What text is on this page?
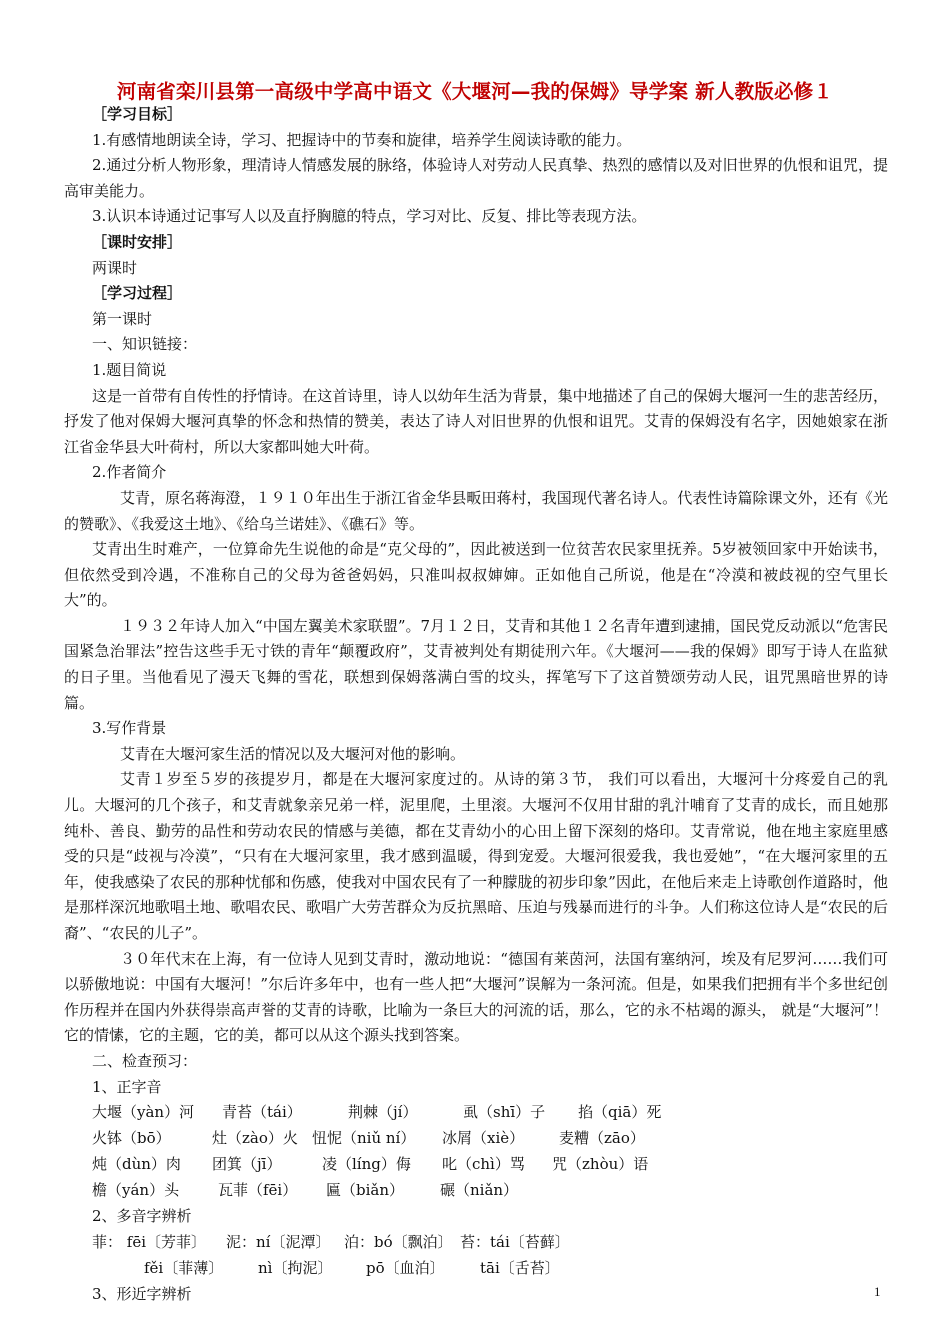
河南省栾川县第一高级中学高中语文《大堰河—我的保姆》导学案 新人教版必修１
［学习目标］

1.有感情地朗读全诗，学习、把握诗中的节奏和旋律，培养学生阅读诗歌的能力。

2.通过分析人物形象，理清诗人情感发展的脉络，体验诗人对劳动人民真挚、热烈的感情以及对旧世界的仇恨和诅咒，提高审美能力。

3.认识本诗通过记事写人以及直抒胸臆的特点，学习对比、反复、排比等表现方法。

［课时安排］
两课时
［学习过程］
第一课时
一、知识链接：
1.题目简说

这是一首带有自传性的抒情诗。在这首诗里，诗人以幼年生活为背景，集中地描述了自己的保姆大堰河一生的悲苦经历，抒发了他对保姆大堰河真挚的怀念和热情的赞美，表达了诗人对旧世界的仇恨和诅咒。艾青的保姆没有名字，因她娘家在浙江省金华县大叶荷村，所以大家都叫她大叶荷。

2.作者简介

艾青，原名蒋海澄，１９１０年出生于浙江省金华县畈田蒋村，我国现代著名诗人。代表性诗篇除课文外，还有《光的赞歌》、《我爱这土地》、《给乌兰诺娃》、《礁石》等。

艾青出生时难产，一位算命先生说他的命是“克父母的”，因此被送到一位贫苦农民家里抚养。5岁被领回家中开始读书，但依然受到冷遇，不准称自己的父母为爸爸妈妈，只准叫叔叔婶婶。正如他自己所说，他是在“冷漠和被歧视的空气里长大”的。

１９３２年诗人加入“中国左翼美术家联盟”。7月１２日，艾青和其他１２名青年遭到逮捕，国民党反动派以“危害民国紧急治罪法”控告这些手无寸铁的青年“颠覆政府”，艾青被判处有期徒刑六年。《大堰河——我的保姆》即写于诗人在监狱的日子里。当他看见了漫天飞舞的雪花，联想到保姆落满白雪的坟头，挥笔写下了这首赞颂劳动人民，诅咒黑暗世界的诗篇。

3.写作背景

艾青在大堰河家生活的情况以及大堰河对他的影响。

艾青１岁至５岁的孩提岁月，都是在大堰河家度过的。从诗的第３节， 我们可以看出，大堰河十分疼爱自己的乳儿。大堰河的几个孩子，和艾青就象亲兄弟一样，泥里爬，土里滚。大堰河不仅用甘甜的乳汁哺育了艾青的成长，而且她那纯朴、善良、勤劳的品性和劳动农民的情感与美德，都在艾青幼小的心田上留下深刻的烙印。艾青常说，他在地主家庭里感受的只是“歧视与冷漠”，“只有在大堰河家里，我才感到温暖，得到宠爱。大堰河很爱我，我也爱她”，“在大堰河家里的五年，使我感染了农民的那种忧郁和伤感，使我对中国农民有了一种朦胧的初步印象”因此，在他后来走上诗歌创作道路时，他是那样深沉地歌唱土地、歌唱农民、歌唱广大劳苦群众为反抗黑暗、压迫与残暴而进行的斗争。人们称这位诗人是“农民的后裔”、“农民的儿子”。

３０年代末在上海，有一位诗人见到艾青时，激动地说：“德国有莱茵河，法国有塞纳河，埃及有尼罗河……我们可以骄傲地说：中国有大堰河！”尔后许多年中，也有一些人把“大堰河”误解为一条河流。但是，如果我们把拥有半个多世纪创作历程并在国内外获得崇高声誉的艾青的诗歌，比喻为一条巨大的河流的话，那么，它的永不枯竭的源头， 就是“大堰河”！ 它的情愫，它的主题，它的美，都可以从这个源头找到答案。

二、检查预习：
1、正字音
大堰（yàn）河 青苔（tái）	荆棘（jí）	虱（shī）子 掐（qiā）死
火钵（bō）	灶（zào）火 忸怩（niǔ ní） 冰屑（xiè） 麦糟（zāo）
炖（dùn）肉 团箕（jī）	凌（líng）侮 叱（chì）骂 咒（zhòu）语
檐（yán）头	瓦菲（fēi） 匾（biǎn） 碾（niǎn）
2、多音字辨析
菲： fēi〔芳菲〕 泥：ní〔泥潭〕 泊：bó〔飘泊〕 苔：tái〔苔藓〕
fěi〔菲薄〕 nì〔拘泥〕 pō〔血泊〕 tāi〔舌苔〕
3、形近字辨析	1
